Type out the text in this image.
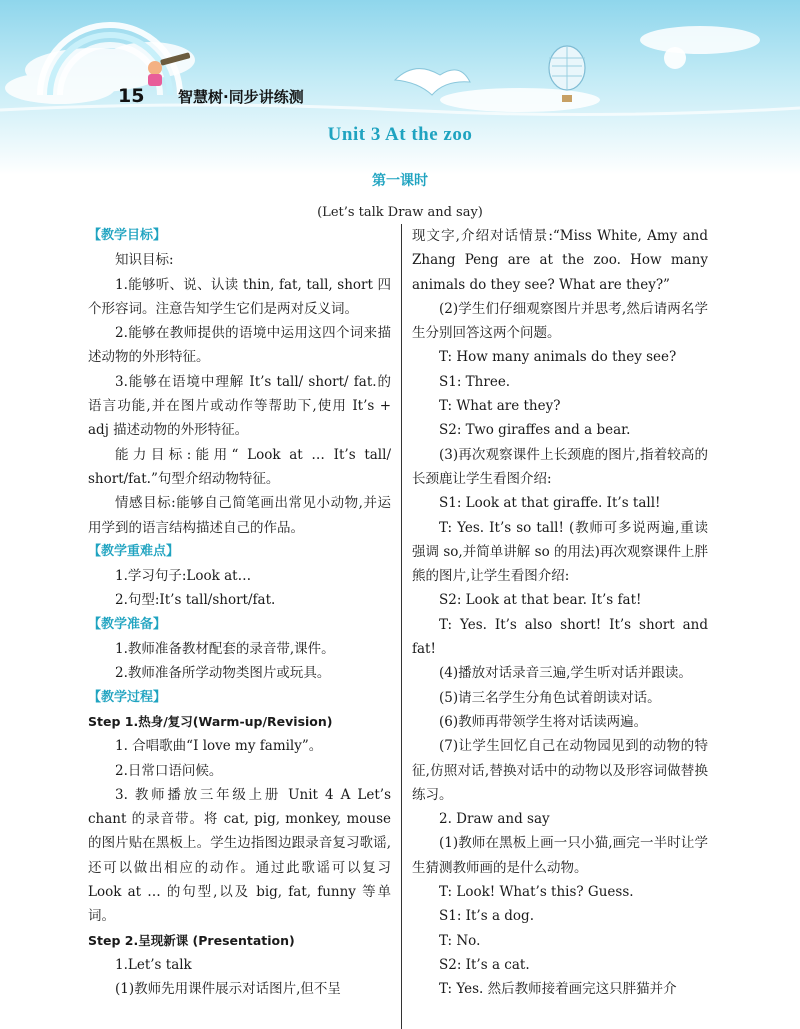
15 智慧树·同步讲练测
Unit 3 At the zoo
第一课时
(Let’s talk Draw and say)

【教学目标】

知识目标:

1.能够听、说、认读 thin, fat, tall, short 四个形容词。注意告知学生它们是两对反义词。

2.能够在教师提供的语境中运用这四个词来描述动物的外形特征。

3.能够在语境中理解 It’s tall/ short/ fat.的语言功能,并在图片或动作等帮助下,使用 It’s + adj 描述动物的外形特征。

能力目标:能用“ Look at … It’s tall/ short/fat.”句型介绍动物特征。

情感目标:能够自己简笔画出常见小动物,并运用学到的语言结构描述自己的作品。

【教学重难点】

1.学习句子:Look at…

2.句型:It’s tall/short/fat.

【教学准备】

1.教师准备教材配套的录音带,课件。

2.教师准备所学动物类图片或玩具。

【教学过程】

Step 1.热身/复习(Warm-up/Revision)

1. 合唱歌曲“I love my family”。

2.日常口语问候。

3. 教师播放三年级上册 Unit 4 A Let’s chant 的录音带。将 cat, pig, monkey, mouse 的图片贴在黑板上。学生边指图边跟录音复习歌谣,还可以做出相应的动作。通过此歌谣可以复习 Look at … 的句型,以及 big, fat, funny 等单词。

Step 2.呈现新课 (Presentation)

1.Let’s talk

(1)教师先用课件展示对话图片,但不呈

现文字,介绍对话情景:“Miss White, Amy and Zhang Peng are at the zoo. How many animals do they see? What are they?”

(2)学生们仔细观察图片并思考,然后请两名学生分别回答这两个问题。

T: How many animals do they see?

S1: Three.

T: What are they?

S2: Two giraffes and a bear.

(3)再次观察课件上长颈鹿的图片,指着较高的长颈鹿让学生看图介绍:

S1: Look at that giraffe. It’s tall!

T: Yes. It’s so tall! (教师可多说两遍,重读强调 so,并简单讲解 so 的用法)再次观察课件上胖熊的图片,让学生看图介绍:

S2: Look at that bear. It’s fat!

T: Yes. It’s also short! It’s short and fat!

(4)播放对话录音三遍,学生听对话并跟读。

(5)请三名学生分角色试着朗读对话。

(6)教师再带领学生将对话读两遍。

(7)让学生回忆自己在动物园见到的动物的特征,仿照对话,替换对话中的动物以及形容词做替换练习。

2. Draw and say

(1)教师在黑板上画一只小猫,画完一半时让学生猜测教师画的是什么动物。

T: Look! What’s this? Guess.

S1: It’s a dog.

T: No.

S2: It’s a cat.

T: Yes. 然后教师接着画完这只胖猫并介
